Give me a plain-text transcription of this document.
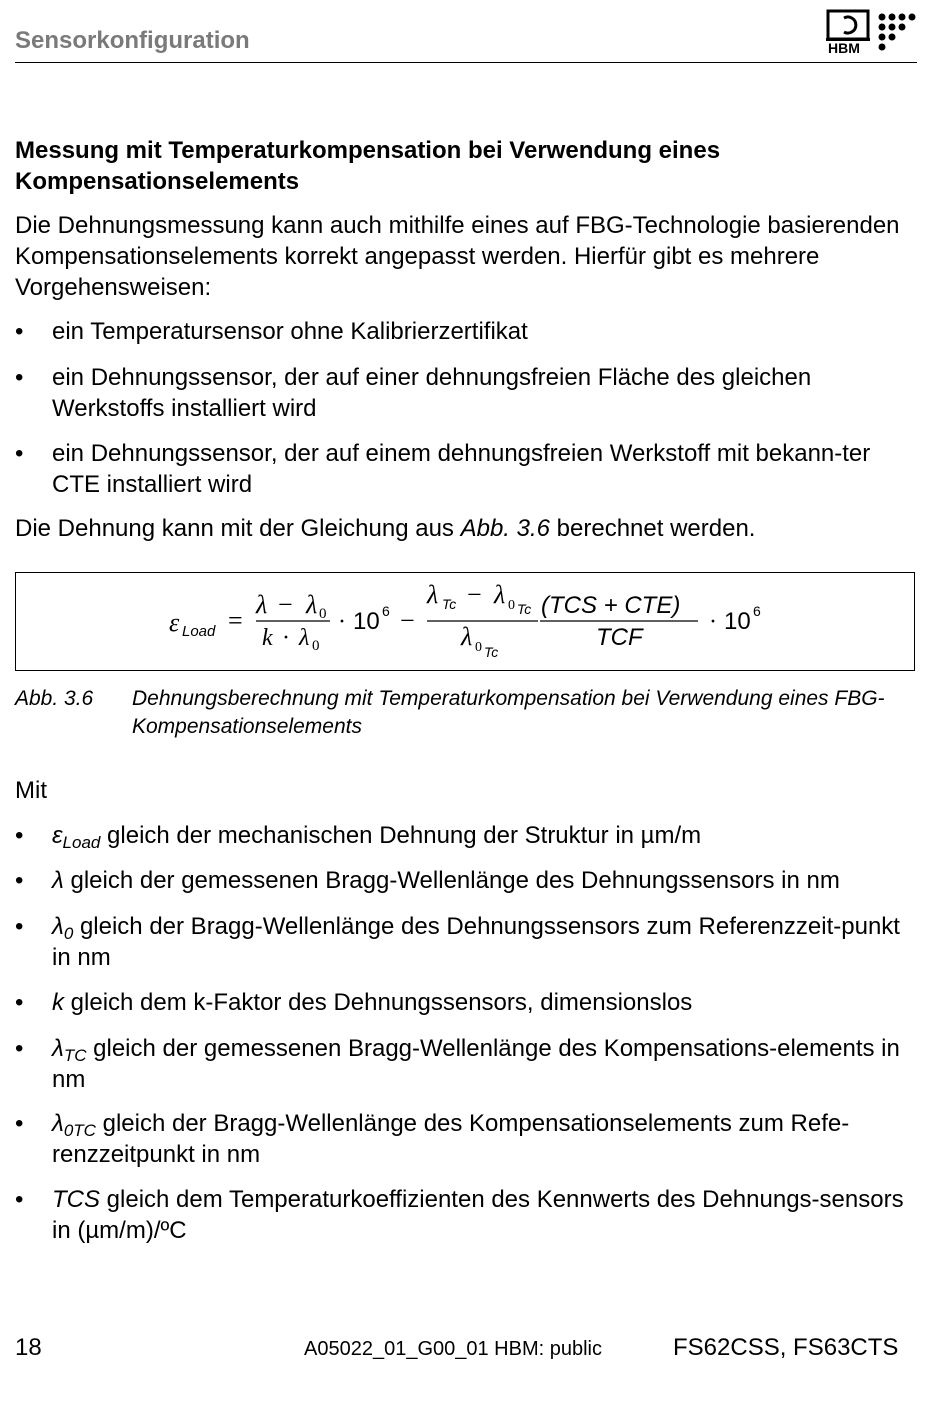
Sensorkonfiguration	HBM
Messung mit Temperaturkompensation bei Verwendung eines Kompensationselements
Die Dehnungsmessung kann auch mithilfe eines auf FBG-Technologie basierenden Kompensationselements korrekt angepasst werden. Hierfür gibt es mehrere Vorgehensweisen:
•	ein Temperatursensor ohne Kalibrierzertifikat
•	ein Dehnungssensor, der auf einer dehnungsfreien Fläche des gleichen Werkstoffs installiert wird
•	ein Dehnungssensor, der auf einem dehnungsfreien Werkstoff mit bekann-ter CTE installiert wird
Die Dehnung kann mit der Gleichung aus Abb. 3.6 berechnet werden.
ε Load =
λ − λ 0
k · λ 0
· 10 6 −
λ Tc − λ 0 Tc
λ 0 Tc
(TCS + CTE)
TCF
· 10 6
Abb. 3.6 Dehnungsberechnung mit Temperaturkompensation bei Verwendung eines FBG-Kompensationselements
Mit
•	$\varepsilon_{Load}$ gleich der mechanischen Dehnung der Struktur in µm/m
•	λ gleich der gemessenen Bragg-Wellenlänge des Dehnungssensors in nm
•	$\lambda_0$ gleich der Bragg-Wellenlänge des Dehnungssensors zum Referenzzeit-punkt in nm
•	k gleich dem k-Faktor des Dehnungssensors, dimensionslos
•	$\lambda_{TC}$ gleich der gemessenen Bragg-Wellenlänge des Kompensations-elements in nm
•	$\lambda_{0TC}$ gleich der Bragg-Wellenlänge des Kompensationselements zum Refe-renzzeitpunkt in nm
•	TCS gleich dem Temperaturkoeffizienten des Kennwerts des Dehnungs-sensors in (µm/m)/ºC
18	A05022_01_G00_01 HBM: public	FS62CSS, FS63CTS
